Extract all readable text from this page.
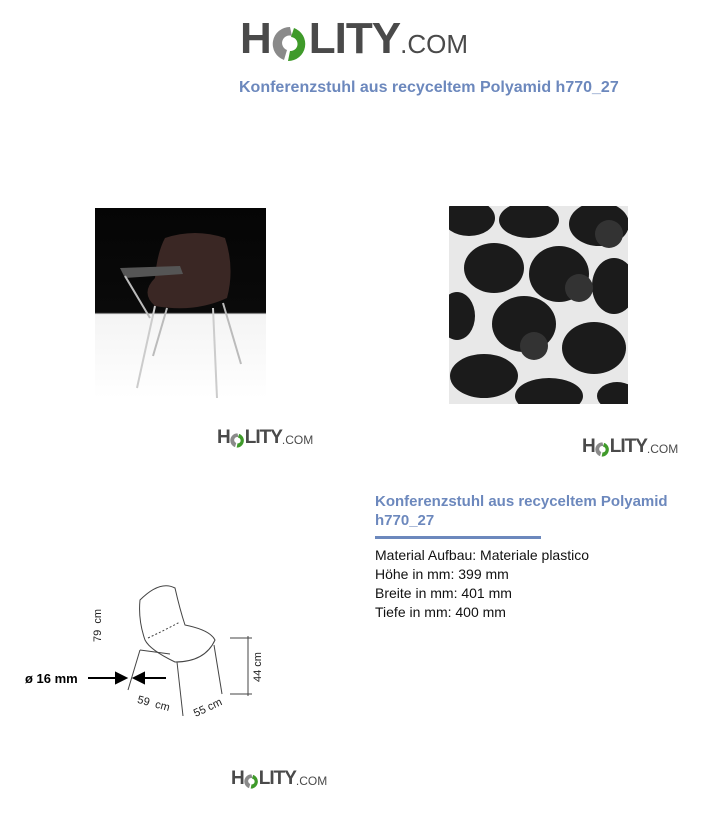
H LITY .COM
Konferenzstuhl aus recyceltem Polyamid h770_27
H LITY .COM	H LITY .COM
Konferenzstuhl aus recyceltem Polyamid h770_27
Material Aufbau: Materiale plastico
Höhe in mm: 399 mm
Breite in mm: 401 mm
Tiefe in mm: 400 mm
ø 16 mm
79  cm
44 cm
59  cm 55 cm
H LITY .COM
